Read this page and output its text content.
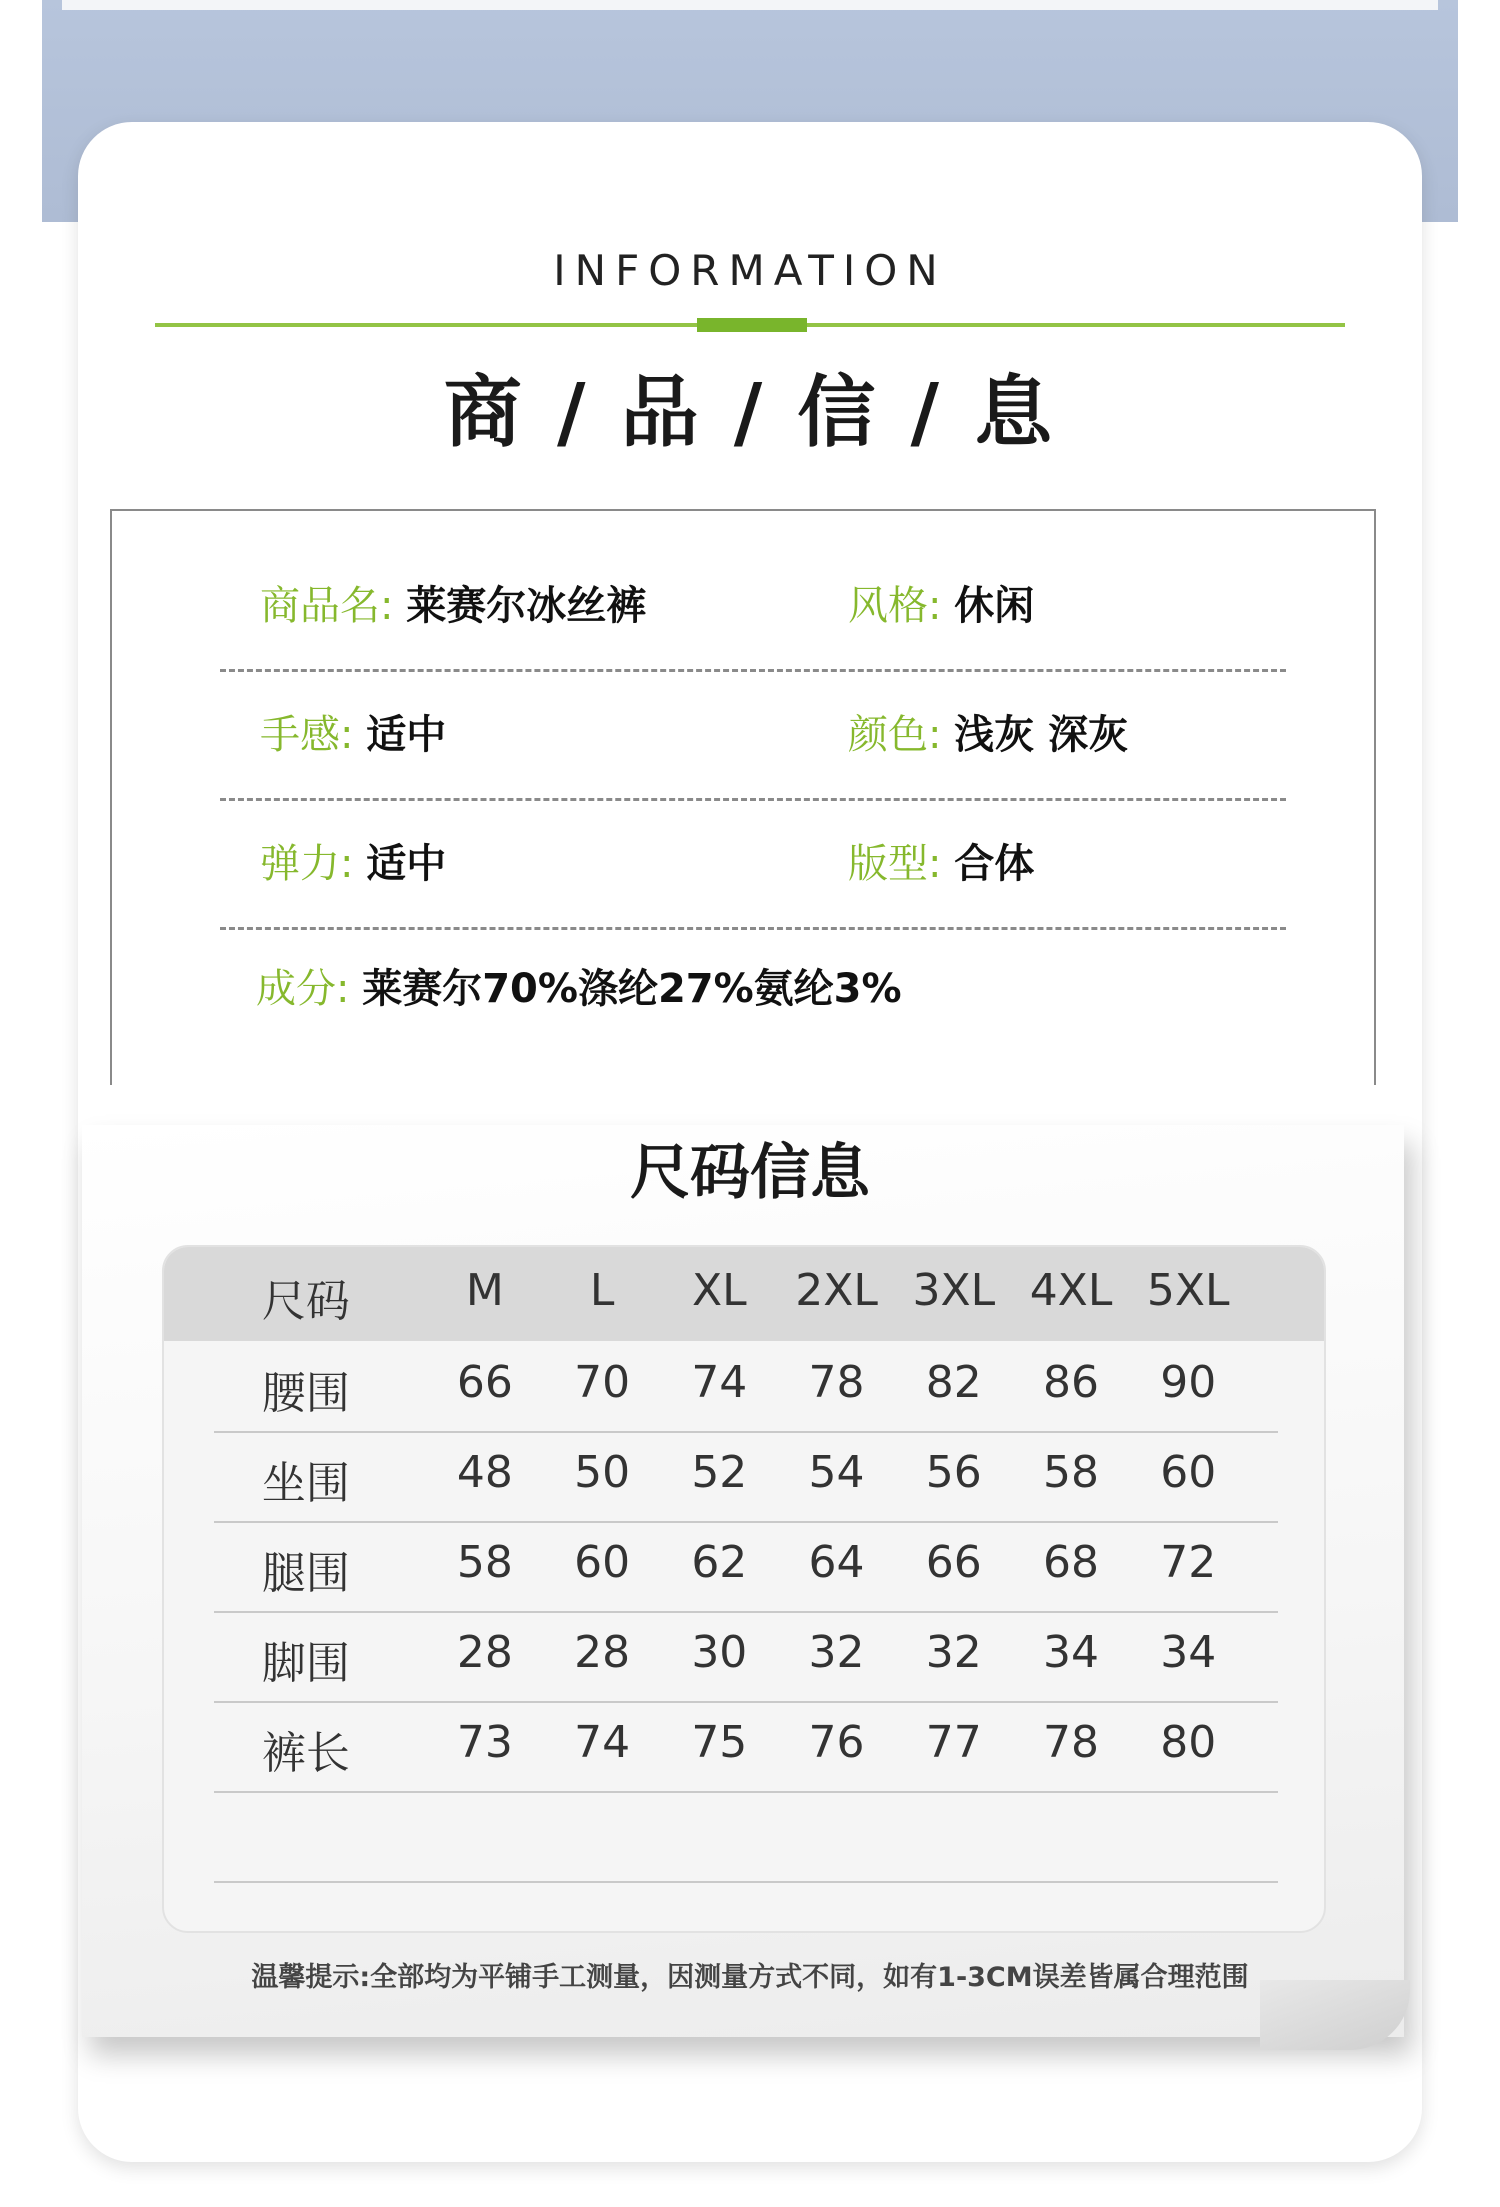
INFORMATION
商 / 品 / 信 / 息
商品名: 莱赛尔冰丝裤	风格: 休闲
手感: 适中	颜色: 浅灰 深灰
弹力: 适中	版型: 合体
成分: 莱赛尔70%涤纶27%氨纶3%
尺码信息
尺码	M L XL 2XL 3XL 4XL 5XL
腰围 66 70 74 78 82 86 90
坐围 48 50 52 54 56 58 60
腿围 58 60 62 64 66 68 72
脚围 28 28 30 32 32 34 34
裤长 73 74 75 76 77 78 80
温馨提示:全部均为平铺手工测量，因测量方式不同，如有1-3CM误差皆属合理范围
